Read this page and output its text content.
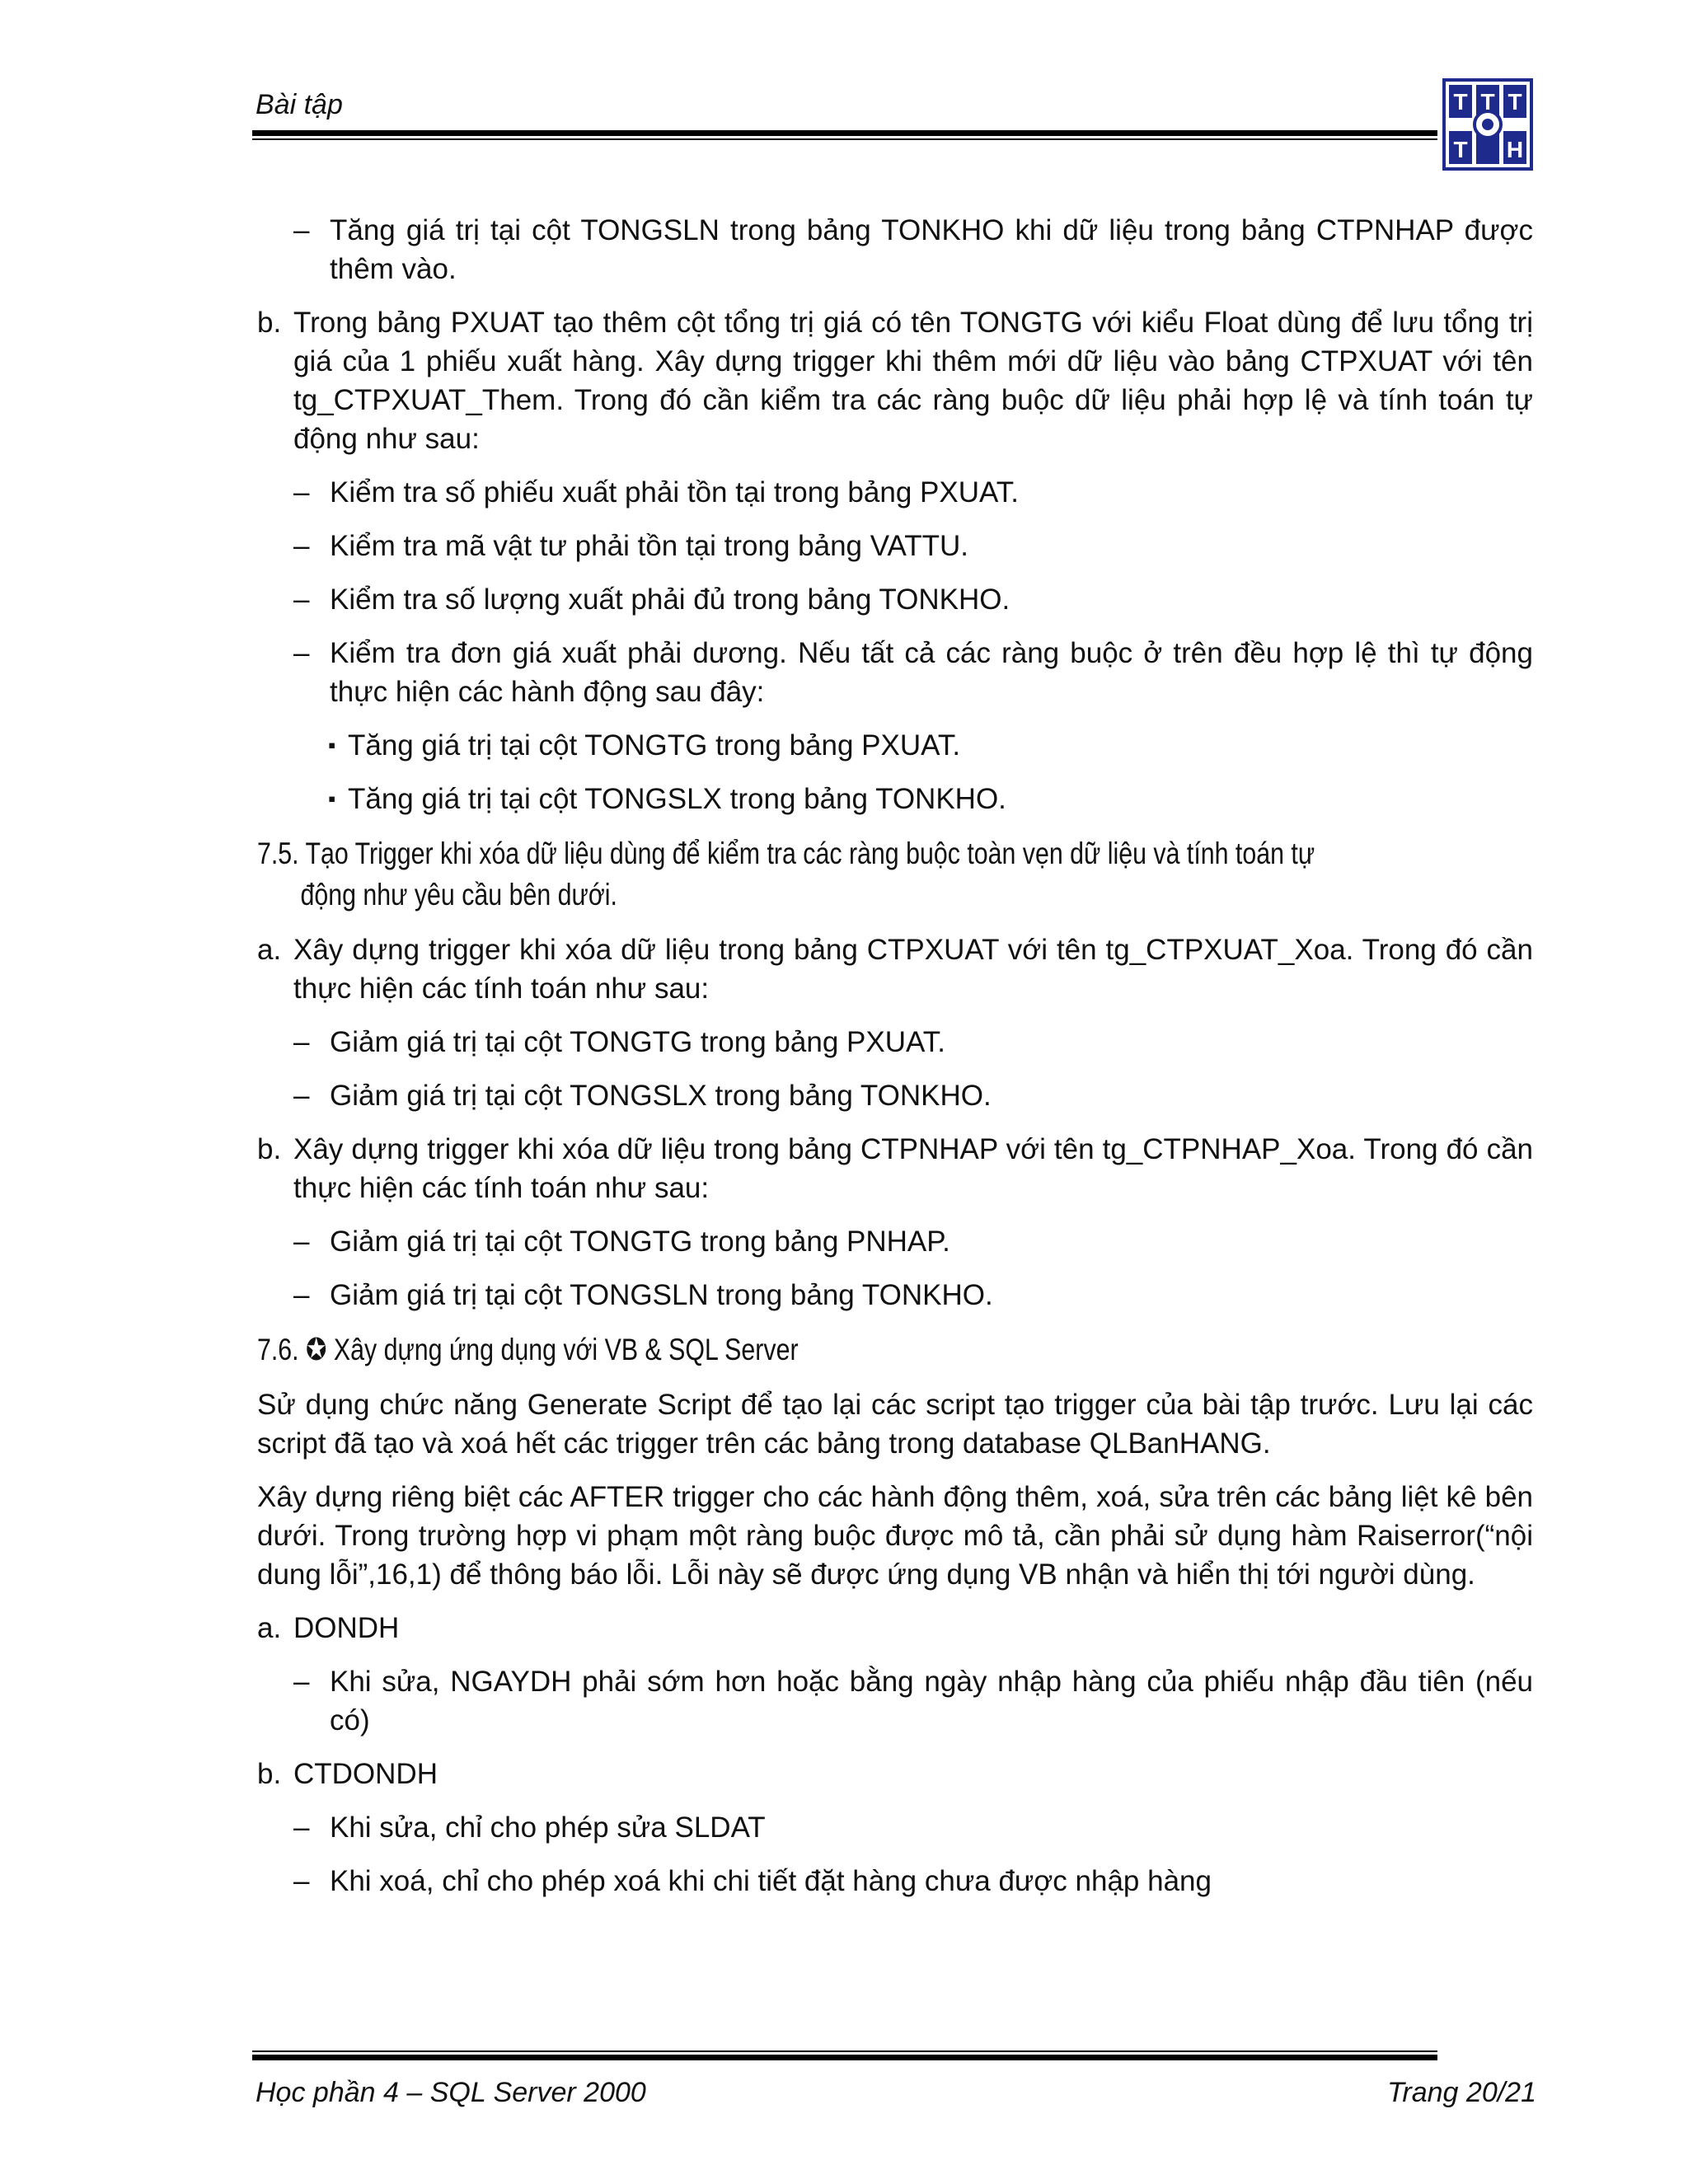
Bài tập	T T T
T H
– Tăng giá trị tại cột TONGSLN trong bảng TONKHO khi dữ liệu trong bảng CTPNHAP được thêm vào.
b. Trong bảng PXUAT tạo thêm cột tổng trị giá có tên TONGTG với kiểu Float dùng để lưu tổng trị giá của 1 phiếu xuất hàng. Xây dựng trigger khi thêm mới dữ liệu vào bảng CTPXUAT với tên tg_CTPXUAT_Them. Trong đó cần kiểm tra các ràng buộc dữ liệu phải hợp lệ và tính toán tự động như sau:
– Kiểm tra số phiếu xuất phải tồn tại trong bảng PXUAT.
– Kiểm tra mã vật tư phải tồn tại trong bảng VATTU.
– Kiểm tra số lượng xuất phải đủ trong bảng TONKHO.
– Kiểm tra đơn giá xuất phải dương. Nếu tất cả các ràng buộc ở trên đều hợp lệ thì tự động thực hiện các hành động sau đây:
▪ Tăng giá trị tại cột TONGTG trong bảng PXUAT.
▪ Tăng giá trị tại cột TONGSLX trong bảng TONKHO.
7.5. Tạo Trigger khi xóa dữ liệu dùng để kiểm tra các ràng buộc toàn vẹn dữ liệu và tính toán tự
động như yêu cầu bên dưới.
a. Xây dựng trigger khi xóa dữ liệu trong bảng CTPXUAT với tên tg_CTPXUAT_Xoa. Trong đó cần thực hiện các tính toán như sau:
– Giảm giá trị tại cột TONGTG trong bảng PXUAT.
– Giảm giá trị tại cột TONGSLX trong bảng TONKHO.
b. Xây dựng trigger khi xóa dữ liệu trong bảng CTPNHAP với tên tg_CTPNHAP_Xoa. Trong đó cần thực hiện các tính toán như sau:
– Giảm giá trị tại cột TONGTG trong bảng PNHAP.
– Giảm giá trị tại cột TONGSLN trong bảng TONKHO.
7.6. ✪ Xây dựng ứng dụng với VB & SQL Server
Sử dụng chức năng Generate Script để tạo lại các script tạo trigger của bài tập trước. Lưu lại các script đã tạo và xoá hết các trigger trên các bảng trong database QLBanHANG.
Xây dựng riêng biệt các AFTER trigger cho các hành động thêm, xoá, sửa trên các bảng liệt kê bên dưới. Trong trường hợp vi phạm một ràng buộc được mô tả, cần phải sử dụng hàm Raiserror(“nội dung lỗi”,16,1) để thông báo lỗi. Lỗi này sẽ được ứng dụng VB nhận và hiển thị tới người dùng.
a. DONDH
– Khi sửa, NGAYDH phải sớm hơn hoặc bằng ngày nhập hàng của phiếu nhập đầu tiên (nếu có)
b. CTDONDH
– Khi sửa, chỉ cho phép sửa SLDAT
– Khi xoá, chỉ cho phép xoá khi chi tiết đặt hàng chưa được nhập hàng
Học phần 4 – SQL Server 2000	Trang 20/21
